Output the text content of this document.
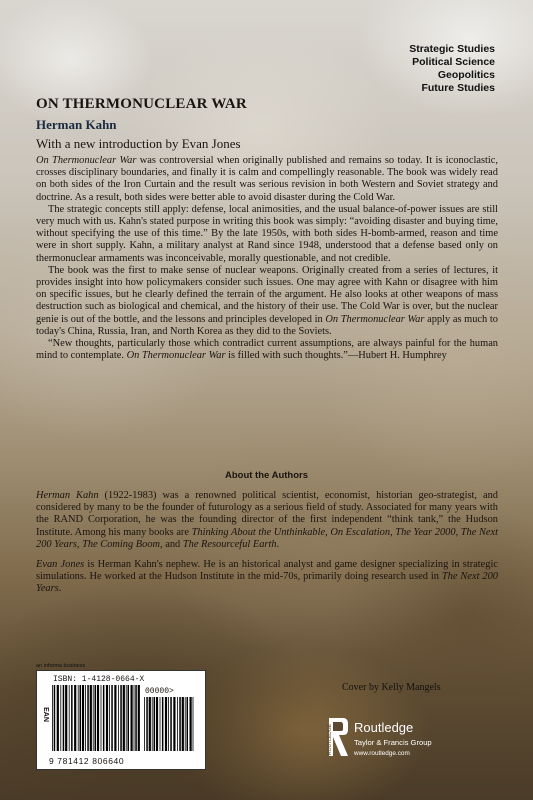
Strategic Studies
Political Science
Geopolitics
Future Studies
ON THERMONUCLEAR WAR
Herman Kahn
With a new introduction by Evan Jones

On Thermonuclear War was controversial when originally published and remains so today. It is iconoclastic, crosses disciplinary boundaries, and finally it is calm and compellingly reasonable. The book was widely read on both sides of the Iron Curtain and the result was serious revision in both Western and Soviet strategy and doctrine. As a result, both sides were better able to avoid disaster during the Cold War.

The strategic concepts still apply: defense, local animosities, and the usual balance-of-power issues are still very much with us. Kahn's stated purpose in writing this book was simply: “avoiding disaster and buying time, without specifying the use of this time.” By the late 1950s, with both sides H-bomb-armed, reason and time were in short supply. Kahn, a military analyst at Rand since 1948, understood that a defense based only on thermonuclear armaments was inconceivable, morally questionable, and not credible.

The book was the first to make sense of nuclear weapons. Originally created from a series of lectures, it provides insight into how policymakers consider such issues. One may agree with Kahn or disagree with him on specific issues, but he clearly defined the terrain of the argument. He also looks at other weapons of mass destruction such as biological and chemical, and the history of their use. The Cold War is over, but the nuclear genie is out of the bottle, and the lessons and principles developed in On Thermonuclear War apply as much to today's China, Russia, Iran, and North Korea as they did to the Soviets.

“New thoughts, particularly those which contradict current assumptions, are always painful for the human mind to contemplate. On Thermonuclear War is filled with such thoughts.”—Hubert H. Humphrey

About the Authors

Herman Kahn (1922-1983) was a renowned political scientist, economist, historian geo-strategist, and considered by many to be the founder of futurology as a serious field of study. Associated for many years with the RAND Corporation, he was the founding director of the first independent “think tank,” the Hudson Institute. Among his many books are Thinking About the Unthinkable, On Escalation, The Year 2000, The Next 200 Years, The Coming Boom, and The Resourceful Earth.

Evan Jones is Herman Kahn's nephew. He is an historical analyst and game designer specializing in strategic simulations. He worked at the Hudson Institute in the mid-70s, primarily doing research used in The Next 200 Years.

an informa business
ISBN: 1-4128-0664-X
00000>
EAN
9 781412 806640
Cover by Kelly Mangels
ROUTLEDGE Routledge
Taylor & Francis Group
www.routledge.com
